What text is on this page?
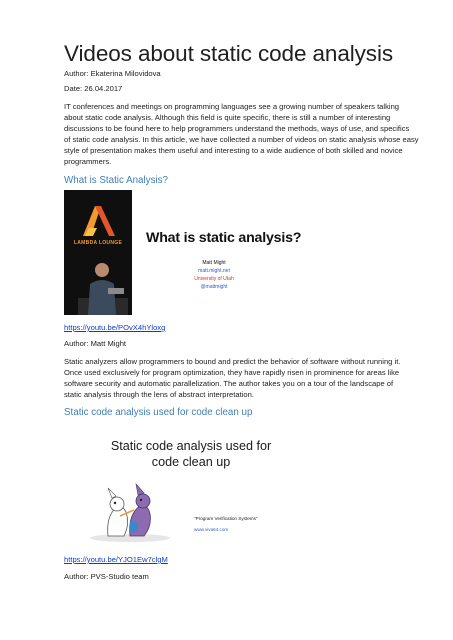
Videos about static code analysis
Author: Ekaterina Milovidova
Date: 26.04.2017
IT conferences and meetings on programming languages see a growing number of speakers talking
about static code analysis. Although this field is quite specific, there is still a number of interesting
discussions to be found here to help programmers understand the methods, ways of use, and specifics
of static code analysis. In this article, we have collected a number of videos on static analysis whose easy
style of presentation makes them useful and interesting to a wide audience of both skilled and novice
programmers.
What is Static Analysis?
LAMBDA LOUNGE What is static analysis?
Matt Might
matt.might.net
University of Utah
@mattmight
https://youtu.be/POvX4hYloxg
Author: Matt Might
Static analyzers allow programmers to bound and predict the behavior of software without running it.
Once used exclusively for program optimization, they have rapidly risen in prominence for areas like
software security and automatic parallelization. The author takes you on a tour of the landscape of
static analysis through the lens of abstract interpretation.
Static code analysis used for code clean up
Static code analysis used for
code clean up
"Program Verification Systems"
www.viva64.com
https://youtu.be/YJO1Ew7clgM
Author: PVS-Studio team
